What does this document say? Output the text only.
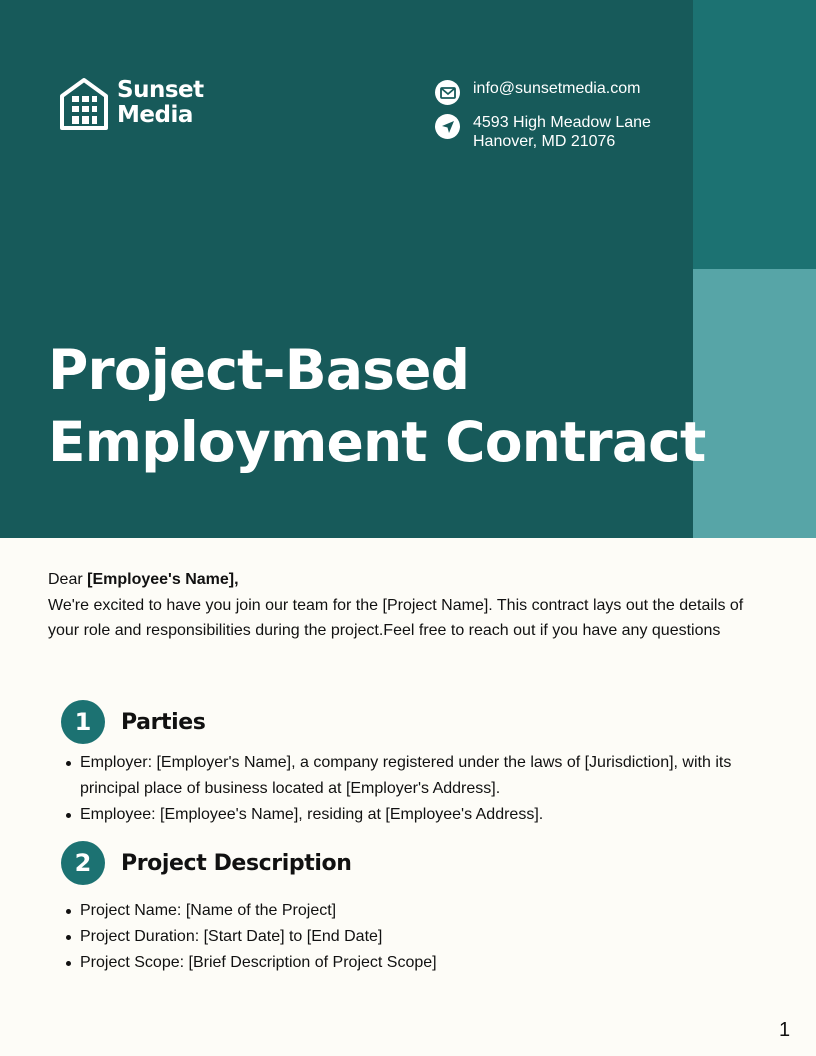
Sunset
Media
info@sunsetmedia.com
4593 High Meadow Lane
Hanover, MD 21076
Project-Based
Employment Contract
Dear [Employee's Name],

We're excited to have you join our team for the [Project Name]. This contract lays out the details of your role and responsibilities during the project.Feel free to reach out if you have any questions

1	Parties
Employer: [Employer's Name], a company registered under the laws of [Jurisdiction], with its principal place of business located at [Employer's Address].
Employee: [Employee's Name], residing at [Employee's Address].
2	Project Description
Project Name: [Name of the Project]
Project Duration: [Start Date] to [End Date]
Project Scope: [Brief Description of Project Scope]
1
